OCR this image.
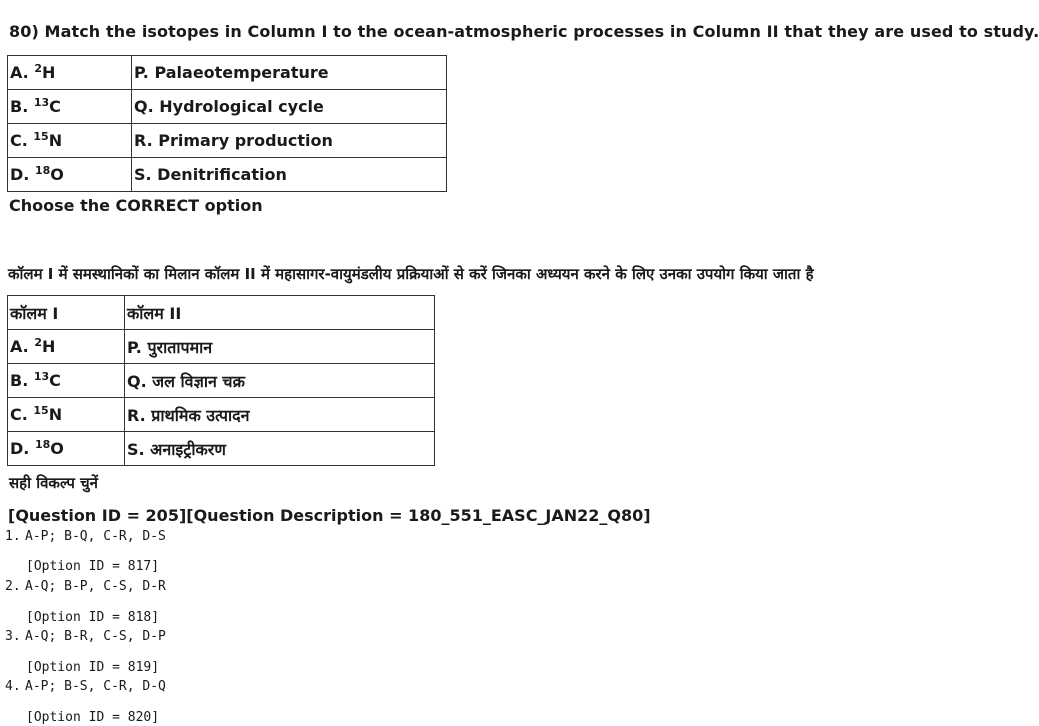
80) Match the isotopes in Column I to the ocean-atmospheric processes in Column II that they are used to study.
A. $^2$H	P. Palaeotemperature
B. $^{13}$C	Q. Hydrological cycle
C. $^{15}$N	R. Primary production
D. $^{18}$O	S. Denitrification
Choose the CORRECT option
कॉलम I में समस्थानिकों का मिलान कॉलम II में महासागर-वायुमंडलीय प्रक्रियाओं से करें जिनका अध्ययन करने के लिए उनका उपयोग किया जाता है
कॉलम I	कॉलम II
A. $^2$H	P. पुरातापमान
B. $^{13}$C	Q. जल विज्ञान चक्र
C. $^{15}$N	R. प्राथमिक उत्पादन
D. $^{18}$O	S. अनाइट्रीकरण
सही विकल्प चुनें
[Question ID = 205][Question Description = 180_551_EASC_JAN22_Q80]
1. A-P; B-Q, C-R, D-S
[Option ID = 817]
2. A-Q; B-P, C-S, D-R
[Option ID = 818]
3. A-Q; B-R, C-S, D-P
[Option ID = 819]
4. A-P; B-S, C-R, D-Q
[Option ID = 820]
